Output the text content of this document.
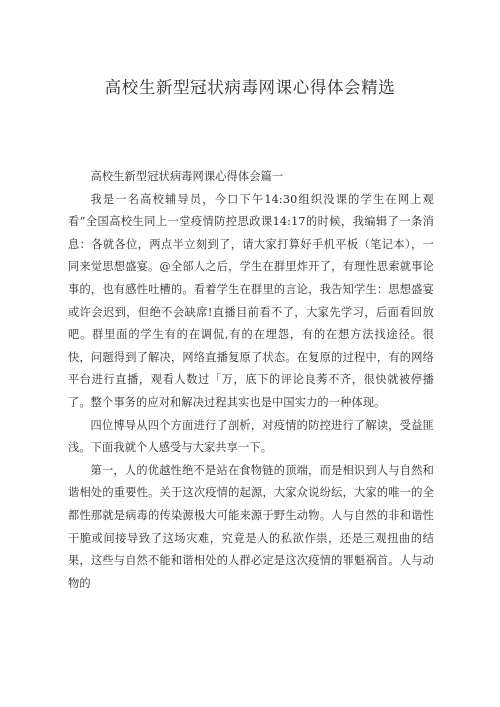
高校生新型冠状病毒网课心得体会精选

高校生新型冠状病毒网课心得体会篇一

我是一名高校辅导员，今口下午14:30组织没课的学生在网上观看”全国高校生同上一堂疫情防控思政课14:17的时候，我编辑了一条消息：各就各位，两点半立刻到了，请大家打算好手机平板（笔记本），一同来觉思想盛宴。@全部人之后，学生在群里炸开了，有理性思索就事论事的，也有感性吐槽的。看着学生在群里的言论，我告知学生：思想盛宴或许会迟到，但绝不会缺席!直播目前看不了，大家先学习，后面看回放吧。群里面的学生有的在调侃,有的在埋怨，有的在想方法找途径。很快，问题得到了解决，网络直播复原了状态。在复原的过程中，有的网络平台进行直播，观看人数过「万，底下的评论良莠不齐，很快就被停播了。整个事务的应对和解决过程其实也是中国实力的一种体现。

四位博导从四个方面进行了剖析，对疫情的防控进行了解读，受益匪浅。下面我就个人感受与大家共享一下。

第一，人的优越性绝不是站在食物链的顶端，而是相识到人与自然和谐相处的重要性。关于这次疫情的起源，大家众说纷纭，大家的唯一的全都性那就是病毒的传染源极大可能来源于野生动物。人与自然的非和谐性干脆或间接导致了这场灾难，究竟是人的私欲作祟，还是三观扭曲的结果，这些与自然不能和谐相处的人群必定是这次疫情的罪魁祸首。人与动物的
